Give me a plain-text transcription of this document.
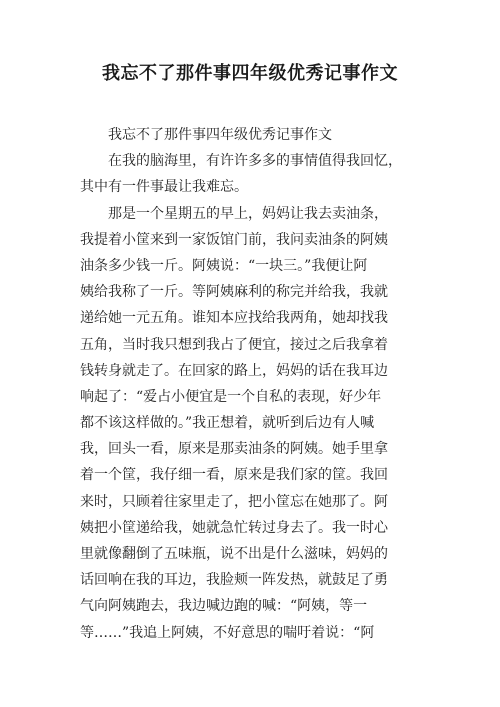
我忘不了那件事四年级优秀记事作文
我忘不了那件事四年级优秀记事作文
在我的脑海里，有许许多多的事情值得我回忆，
其中有一件事最让我难忘。
那是一个星期五的早上，妈妈让我去卖油条，
我提着小筐来到一家饭馆门前，我问卖油条的阿姨
油条多少钱一斤。阿姨说：“一块三。”我便让阿
姨给我称了一斤。等阿姨麻利的称完并给我，我就
递给她一元五角。谁知本应找给我两角，她却找我
五角，当时我只想到我占了便宜，接过之后我拿着
钱转身就走了。在回家的路上，妈妈的话在我耳边
响起了：“爱占小便宜是一个自私的表现，好少年
都不该这样做的。”我正想着，就听到后边有人喊
我，回头一看，原来是那卖油条的阿姨。她手里拿
着一个筐，我仔细一看，原来是我们家的筐。我回
来时，只顾着往家里走了，把小筐忘在她那了。阿
姨把小筐递给我，她就急忙转过身去了。我一时心
里就像翻倒了五味瓶，说不出是什么滋味，妈妈的
话回响在我的耳边，我脸颊一阵发热，就鼓足了勇
气向阿姨跑去，我边喊边跑的喊：“阿姨，等一
等……”我追上阿姨，不好意思的喘吁着说：“阿
